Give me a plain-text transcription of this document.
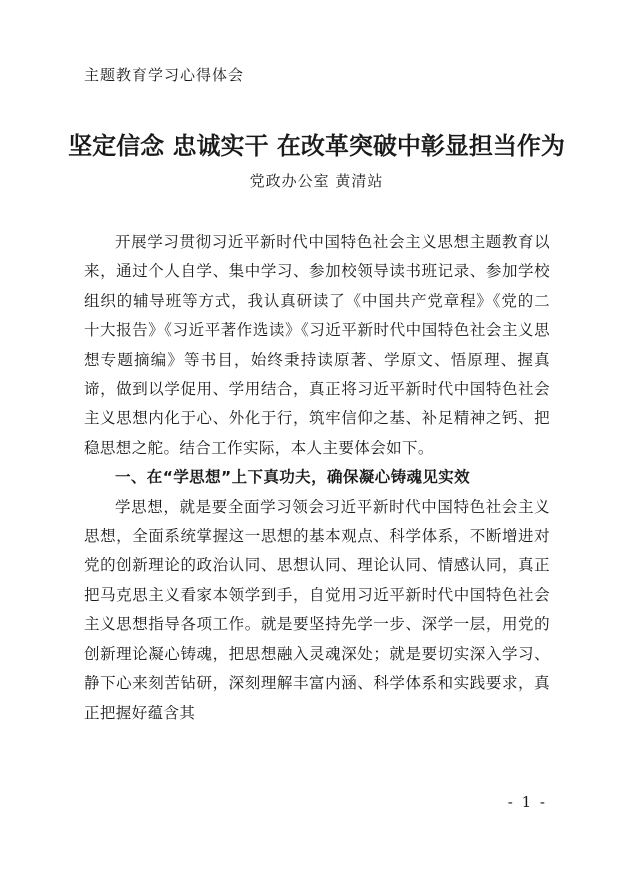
主题教育学习心得体会
坚定信念 忠诚实干 在改革突破中彰显担当作为
党政办公室 黄清站

开展学习贯彻习近平新时代中国特色社会主义思想主题教育以来，通过个人自学、集中学习、参加校领导读书班记录、参加学校组织的辅导班等方式，我认真研读了《中国共产党章程》《党的二十大报告》《习近平著作选读》《习近平新时代中国特色社会主义思想专题摘编》等书目，始终秉持读原著、学原文、悟原理、握真谛，做到以学促用、学用结合，真正将习近平新时代中国特色社会主义思想内化于心、外化于行，筑牢信仰之基、补足精神之钙、把稳思想之舵。结合工作实际，本人主要体会如下。

一、在“学思想”上下真功夫，确保凝心铸魂见实效

学思想，就是要全面学习领会习近平新时代中国特色社会主义思想，全面系统掌握这一思想的基本观点、科学体系，不断增进对党的创新理论的政治认同、思想认同、理论认同、情感认同，真正把马克思主义看家本领学到手，自觉用习近平新时代中国特色社会主义思想指导各项工作。就是要坚持先学一步、深学一层，用党的创新理论凝心铸魂，把思想融入灵魂深处；就是要切实深入学习、静下心来刻苦钻研，深刻理解丰富内涵、科学体系和实践要求，真正把握好蕴含其

- 1 -
